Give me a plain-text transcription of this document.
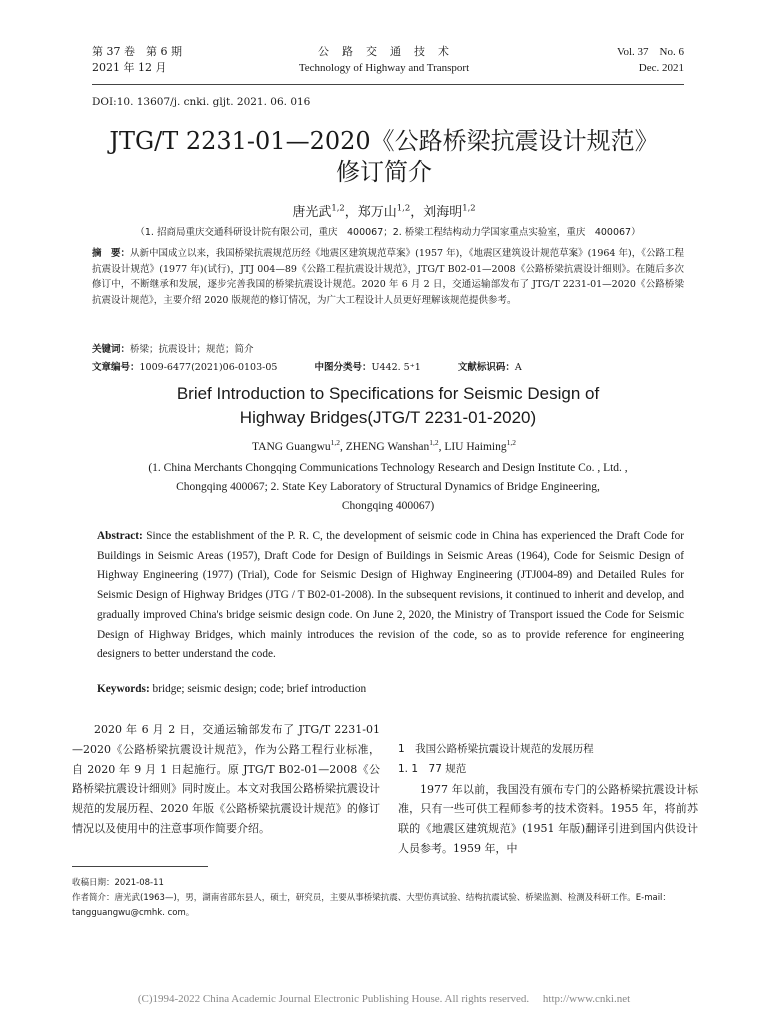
第 37 卷　第 6 期
2021 年 12 月
公　路　交　通　技　术
Technology of Highway and Transport
Vol. 37　No. 6
Dec. 2021
DOI:10. 13607/j. cnki. gljt. 2021. 06. 016
JTG/T 2231-01—2020《公路桥梁抗震设计规范》
修订简介
唐光武$^{1,2}$，郑万山$^{1,2}$，刘海明$^{1,2}$
（1. 招商局重庆交通科研设计院有限公司，重庆　400067；2. 桥梁工程结构动力学国家重点实验室，重庆　400067）
摘　要：从新中国成立以来，我国桥梁抗震规范历经《地震区建筑规范草案》(1957 年)，《地震区建筑设计规范草案》(1964 年)，《公路工程抗震设计规范》(1977 年)(试行)，JTJ 004—89《公路工程抗震设计规范》，JTG/T B02-01—2008《公路桥梁抗震设计细则》。在随后多次修订中，不断继承和发展，逐步完善我国的桥梁抗震设计规范。2020 年 6 月 2 日，交通运输部发布了 JTG/T 2231-01—2020《公路桥梁抗震设计规范》，主要介绍 2020 版规范的修订情况，为广大工程设计人员更好理解该规范提供参考。
关键词：桥梁；抗震设计；规范；简介
文章编号：1009-6477(2021)06-0103-05	中图分类号：U442. 5⁺1	文献标识码：A
Brief Introduction to Specifications for Seismic Design of
Highway Bridges(JTG/T 2231-01-2020)
TANG Guangwu$^{1,2}$, ZHENG Wanshan$^{1,2}$, LIU Haiming$^{1,2}$
(1. China Merchants Chongqing Communications Technology Research and Design Institute Co. , Ltd. ,
Chongqing 400067; 2. State Key Laboratory of Structural Dynamics of Bridge Engineering,
Chongqing 400067)
Abstract: Since the establishment of the P. R. C, the development of seismic code in China has experienced the Draft Code for Buildings in Seismic Areas (1957), Draft Code for Design of Buildings in Seismic Areas (1964), Code for Seismic Design of Highway Engineering (1977) (Trial), Code for Seismic Design of Highway Engineering (JTJ004-89) and Detailed Rules for Seismic Design of Highway Bridges (JTG / T B02-01-2008). In the subsequent revisions, it continued to inherit and develop, and gradually improved China's bridge seismic design code. On June 2, 2020, the Ministry of Transport issued the Code for Seismic Design of Highway Bridges, which mainly introduces the revision of the code, so as to provide reference for engineering designers to better understand the code.
Keywords: bridge; seismic design; code; brief introduction

2020 年 6 月 2 日，交通运输部发布了 JTG/T 2231-01—2020《公路桥梁抗震设计规范》，作为公路工程行业标准，自 2020 年 9 月 1 日起施行。原 JTG/T B02-01—2008《公路桥梁抗震设计细则》同时废止。本文对我国公路桥梁抗震设计规范的发展历程、2020 年版《公路桥梁抗震设计规范》的修订情况以及使用中的注意事项作简要介绍。

1　我国公路桥梁抗震设计规范的发展历程

1. 1　77 规范

1977 年以前，我国没有颁布专门的公路桥梁抗震设计标准，只有一些可供工程师参考的技术资料。1955 年，将前苏联的《地震区建筑规范》(1951 年版)翻译引进到国内供设计人员参考。1959 年，中

收稿日期：2021-08-11
作者简介：唐光武(1963—)，男，湖南省邵东县人，硕士，研究员，主要从事桥梁抗震、大型仿真试验、结构抗震试验、桥梁监测、检测及科研工作。E-mail：tangguangwu@cmhk. com。
(C)1994-2022 China Academic Journal Electronic Publishing House. All rights reserved.　 http://www.cnki.net
